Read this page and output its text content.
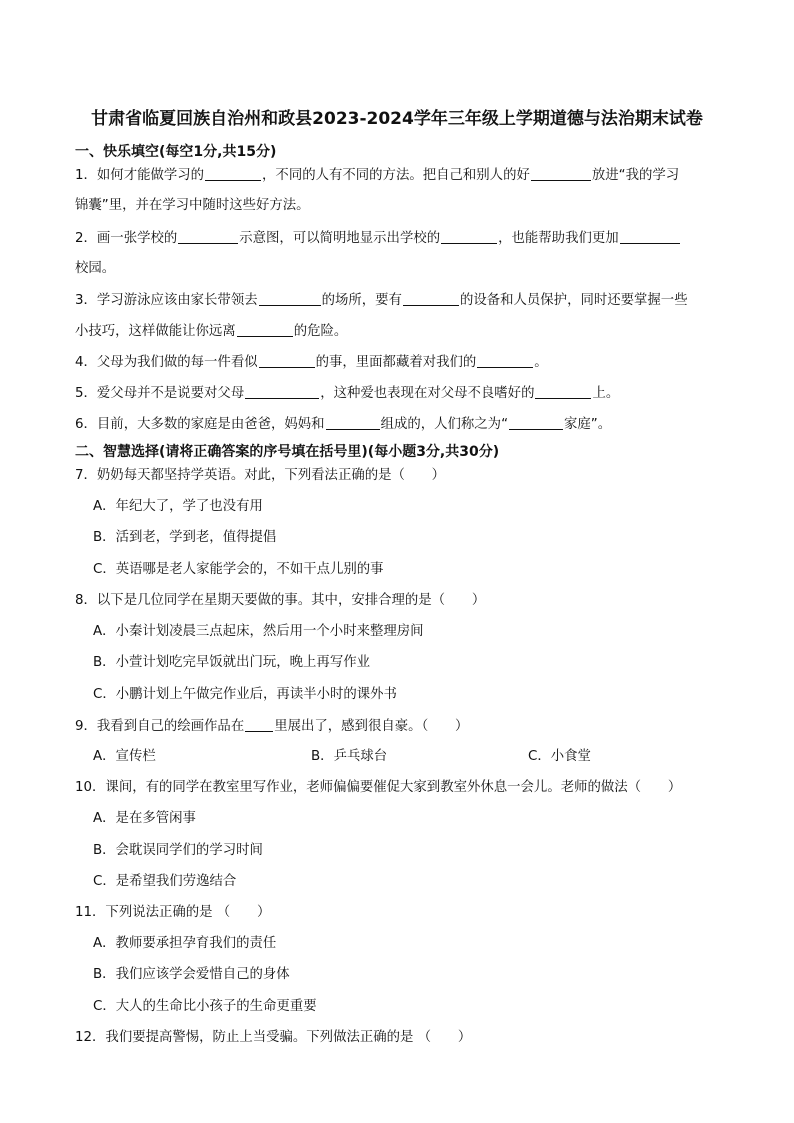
甘肃省临夏回族自治州和政县2023-2024学年三年级上学期道德与法治期末试卷
一、快乐填空(每空1分,共15分)
1．如何才能做学习的	，不同的人有不同的方法。把自己和别人的好	放进“我的学习
锦囊”里，并在学习中随时这些好方法。
2．画一张学校的	示意图，可以简明地显示出学校的	，也能帮助我们更加
校园。
3．学习游泳应该由家长带领去	的场所，要有	的设备和人员保护，同时还要掌握一些
小技巧，这样做能让你远离	的危险。
4．父母为我们做的每一件看似	的事，里面都藏着对我们的	。
5．爱父母并不是说要对父母	，这种爱也表现在对父母不良嗜好的	上。
6．目前，大多数的家庭是由爸爸，妈妈和	组成的，人们称之为“	家庭”。
二、智慧选择(请将正确答案的序号填在括号里)(每小题3分,共30分)
7．奶奶每天都坚持学英语。对此，下列看法正确的是（　　）
A．年纪大了，学了也没有用
B．活到老，学到老，值得提倡
C．英语哪是老人家能学会的，不如干点儿别的事
8．以下是几位同学在星期天要做的事。其中，安排合理的是（　　）
A．小秦计划凌晨三点起床，然后用一个小时来整理房间
B．小萱计划吃完早饭就出门玩，晚上再写作业
C．小鹏计划上午做完作业后，再读半小时的课外书
9．我看到自己的绘画作品在 里展出了，感到很自豪。（　　）
A．宣传栏	B．乒乓球台	C．小食堂
10．课间，有的同学在教室里写作业，老师偏偏要催促大家到教室外休息一会儿。老师的做法（　　）
A．是在多管闲事
B．会耽误同学们的学习时间
C．是希望我们劳逸结合
11．下列说法正确的是 （　　）
A．教师要承担孕育我们的责任
B．我们应该学会爱惜自己的身体
C．大人的生命比小孩子的生命更重要
12．我们要提高警惕，防止上当受骗。下列做法正确的是 （　　）
